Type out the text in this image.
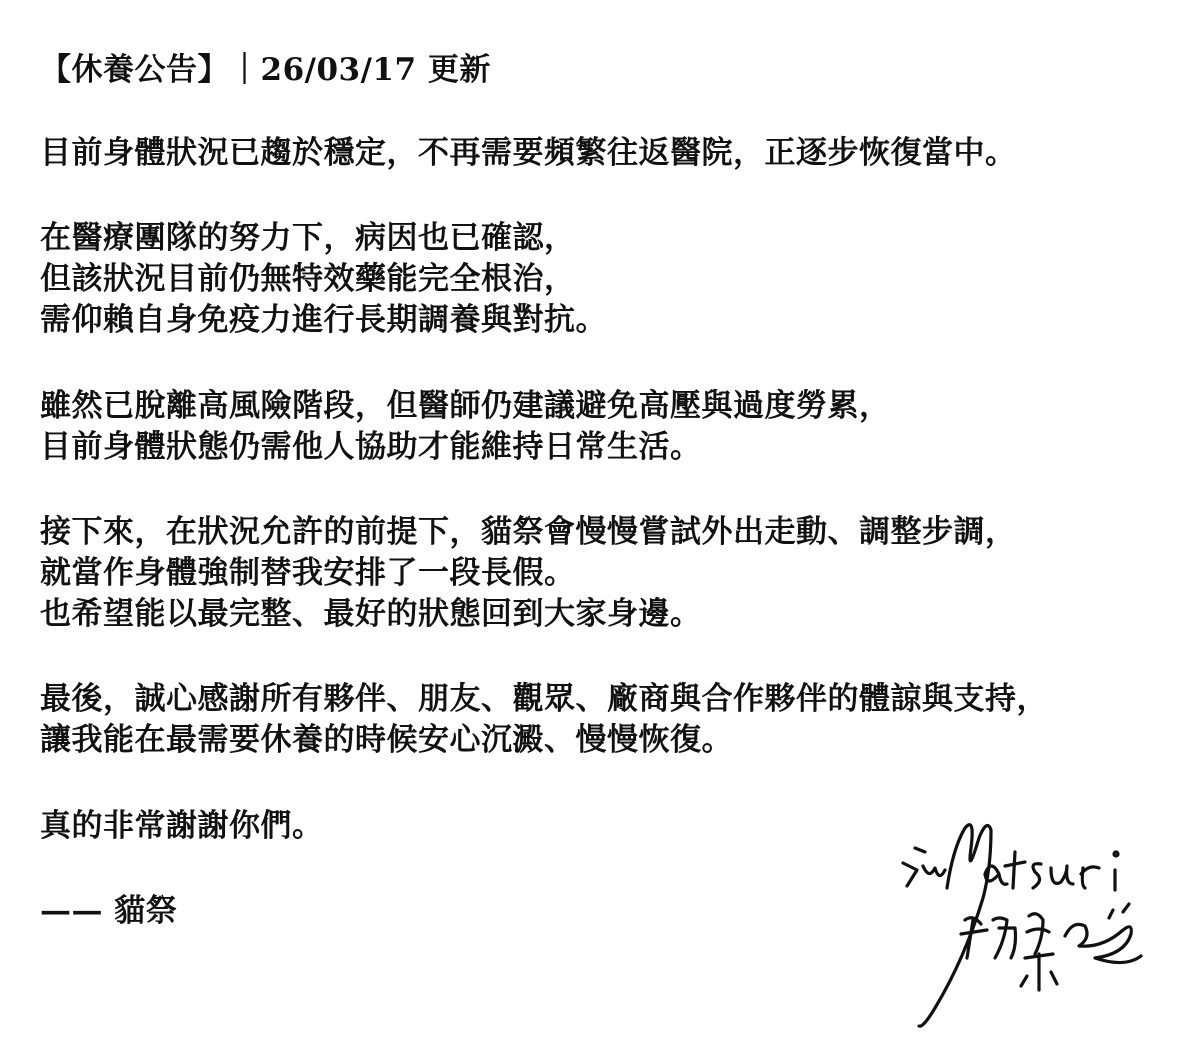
【休養公告】｜26/03/17 更新
目前身體狀況已趨於穩定，不再需要頻繁往返醫院，正逐步恢復當中。
在醫療團隊的努力下，病因也已確認，
但該狀況目前仍無特效藥能完全根治，
需仰賴自身免疫力進行長期調養與對抗。
雖然已脫離高風險階段，但醫師仍建議避免高壓與過度勞累，
目前身體狀態仍需他人協助才能維持日常生活。
接下來，在狀況允許的前提下，貓祭會慢慢嘗試外出走動、調整步調，
就當作身體強制替我安排了一段長假。
也希望能以最完整、最好的狀態回到大家身邊。
最後，誠心感謝所有夥伴、朋友、觀眾、廠商與合作夥伴的體諒與支持，
讓我能在最需要休養的時候安心沉澱、慢慢恢復。
真的非常謝謝你們。
—— 貓祭
